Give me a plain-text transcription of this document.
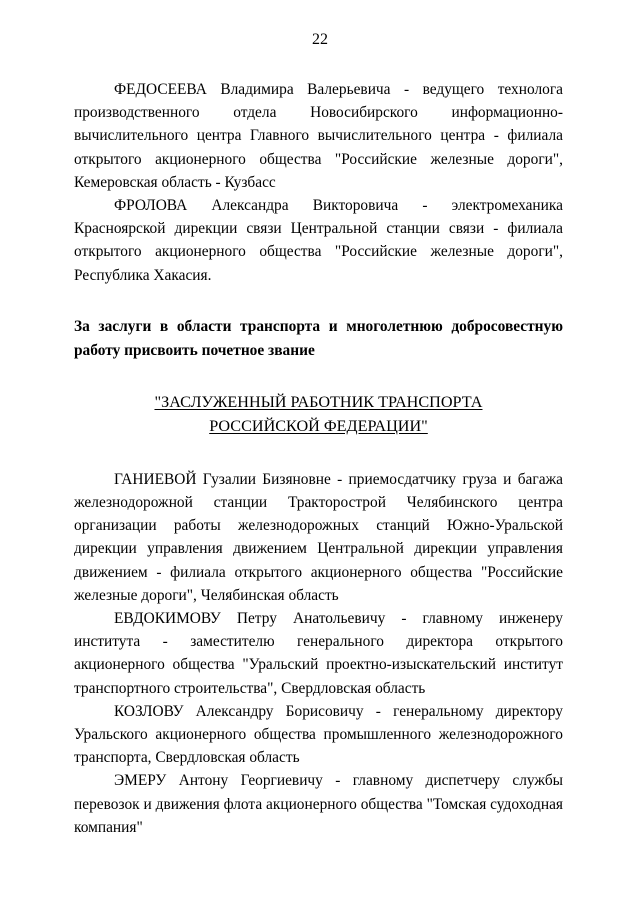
22

ФЕДОСЕЕВА Владимира Валерьевича - ведущего технолога производственного отдела Новосибирского информационно-вычислительного центра Главного вычислительного центра - филиала открытого акционерного общества "Российские железные дороги", Кемеровская область - Кузбасс

ФРОЛОВА Александра Викторовича - электромеханика Красноярской дирекции связи Центральной станции связи - филиала открытого акционерного общества "Российские железные дороги", Республика Хакасия.

За заслуги в области транспорта и многолетнюю добросовестную работу присвоить почетное звание

"ЗАСЛУЖЕННЫЙ РАБОТНИК ТРАНСПОРТА
РОССИЙСКОЙ ФЕДЕРАЦИИ"

ГАНИЕВОЙ Гузалии Бизяновне - приемосдатчику груза и багажа железнодорожной станции Тракторострой Челябинского центра организации работы железнодорожных станций Южно-Уральской дирекции управления движением Центральной дирекции управления движением - филиала открытого акционерного общества "Российские железные дороги", Челябинская область

ЕВДОКИМОВУ Петру Анатольевичу - главному инженеру института - заместителю генерального директора открытого акционерного общества "Уральский проектно-изыскательский институт транспортного строительства", Свердловская область

КОЗЛОВУ Александру Борисовичу - генеральному директору Уральского акционерного общества промышленного железнодорожного транспорта, Свердловская область

ЭМЕРУ Антону Георгиевичу - главному диспетчеру службы перевозок и движения флота акционерного общества "Томская судоходная компания"
